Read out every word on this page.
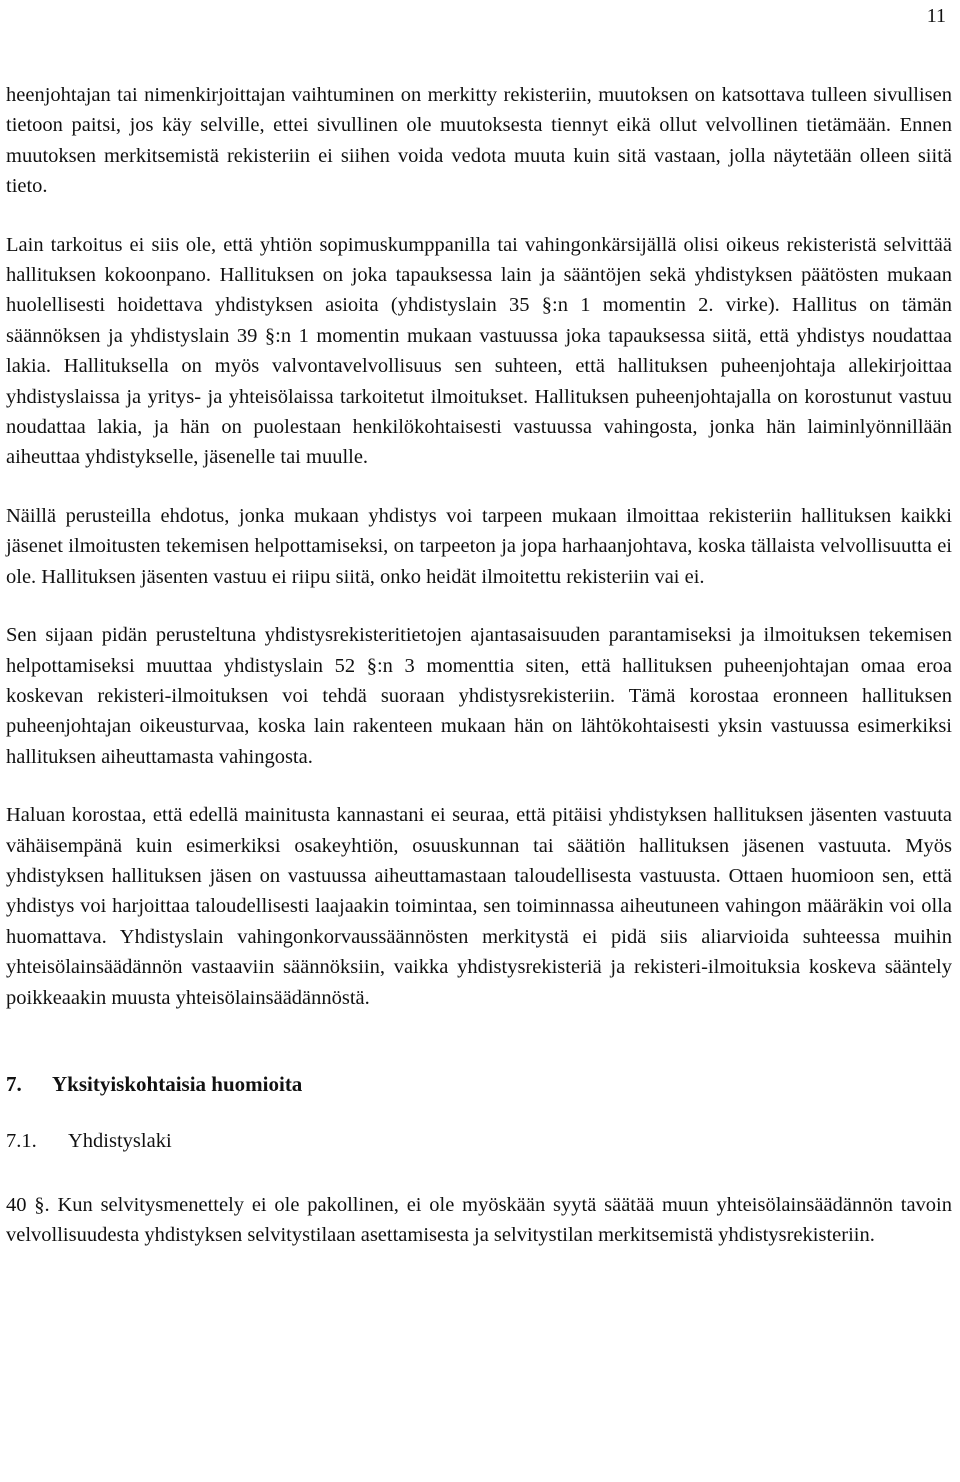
11

heenjohtajan tai nimenkirjoittajan vaihtuminen on merkitty rekisteriin, muutoksen on katsottava tulleen sivullisen tietoon paitsi, jos käy selville, ettei sivullinen ole muutoksesta tiennyt eikä ollut velvollinen tietämään. Ennen muutoksen merkitsemistä rekisteriin ei siihen voida vedota muuta kuin sitä vastaan, jolla näytetään olleen siitä tieto.

Lain tarkoitus ei siis ole, että yhtiön sopimuskumppanilla tai vahingonkärsijällä olisi oikeus rekisteristä selvittää hallituksen kokoonpano. Hallituksen on joka tapauksessa lain ja sääntöjen sekä yhdistyksen päätösten mukaan huolellisesti hoidettava yhdistyksen asioita (yhdistyslain 35 §:n 1 momentin 2. virke). Hallitus on tämän säännöksen ja yhdistyslain 39 §:n 1 momentin mukaan vastuussa joka tapauksessa siitä, että yhdistys noudattaa lakia. Hallituksella on myös valvontavelvollisuus sen suhteen, että hallituksen puheenjohtaja allekirjoittaa yhdistyslaissa ja yritys- ja yhteisölaissa tarkoitetut ilmoitukset. Hallituksen puheenjohtajalla on korostunut vastuu noudattaa lakia, ja hän on puolestaan henkilökohtaisesti vastuussa vahingosta, jonka hän laiminlyönnillään aiheuttaa yhdistykselle, jäsenelle tai muulle.

Näillä perusteilla ehdotus, jonka mukaan yhdistys voi tarpeen mukaan ilmoittaa rekisteriin hallituksen kaikki jäsenet ilmoitusten tekemisen helpottamiseksi, on tarpeeton ja jopa harhaanjohtava, koska tällaista velvollisuutta ei ole. Hallituksen jäsenten vastuu ei riipu siitä, onko heidät ilmoitettu rekisteriin vai ei.

Sen sijaan pidän perusteltuna yhdistysrekisteritietojen ajantasaisuuden parantamiseksi ja ilmoituksen tekemisen helpottamiseksi muuttaa yhdistyslain 52 §:n 3 momenttia siten, että hallituksen puheenjohtajan omaa eroa koskevan rekisteri-ilmoituksen voi tehdä suoraan yhdistysrekisteriin. Tämä korostaa eronneen hallituksen puheenjohtajan oikeusturvaa, koska lain rakenteen mukaan hän on lähtökohtaisesti yksin vastuussa esimerkiksi hallituksen aiheuttamasta vahingosta.

Haluan korostaa, että edellä mainitusta kannastani ei seuraa, että pitäisi yhdistyksen hallituksen jäsenten vastuuta vähäisempänä kuin esimerkiksi osakeyhtiön, osuuskunnan tai säätiön hallituksen jäsenen vastuuta. Myös yhdistyksen hallituksen jäsen on vastuussa aiheuttamastaan taloudellisesta vastuusta. Ottaen huomioon sen, että yhdistys voi harjoittaa taloudellisesti laajaakin toimintaa, sen toiminnassa aiheutuneen vahingon määräkin voi olla huomattava. Yhdistyslain vahingonkorvaussäännösten merkitystä ei pidä siis aliarvioida suhteessa muihin yhteisölainsäädännön vastaaviin säännöksiin, vaikka yhdistysrekisteriä ja rekisteri-ilmoituksia koskeva sääntely poikkeaakin muusta yhteisölainsäädännöstä.

7.	Yksityiskohtaisia huomioita
7.1.	Yhdistyslaki

40 §. Kun selvitysmenettely ei ole pakollinen, ei ole myöskään syytä säätää muun yhteisölainsäädännön tavoin velvollisuudesta yhdistyksen selvitystilaan asettamisesta ja selvitystilan merkitsemistä yhdistysrekisteriin.
